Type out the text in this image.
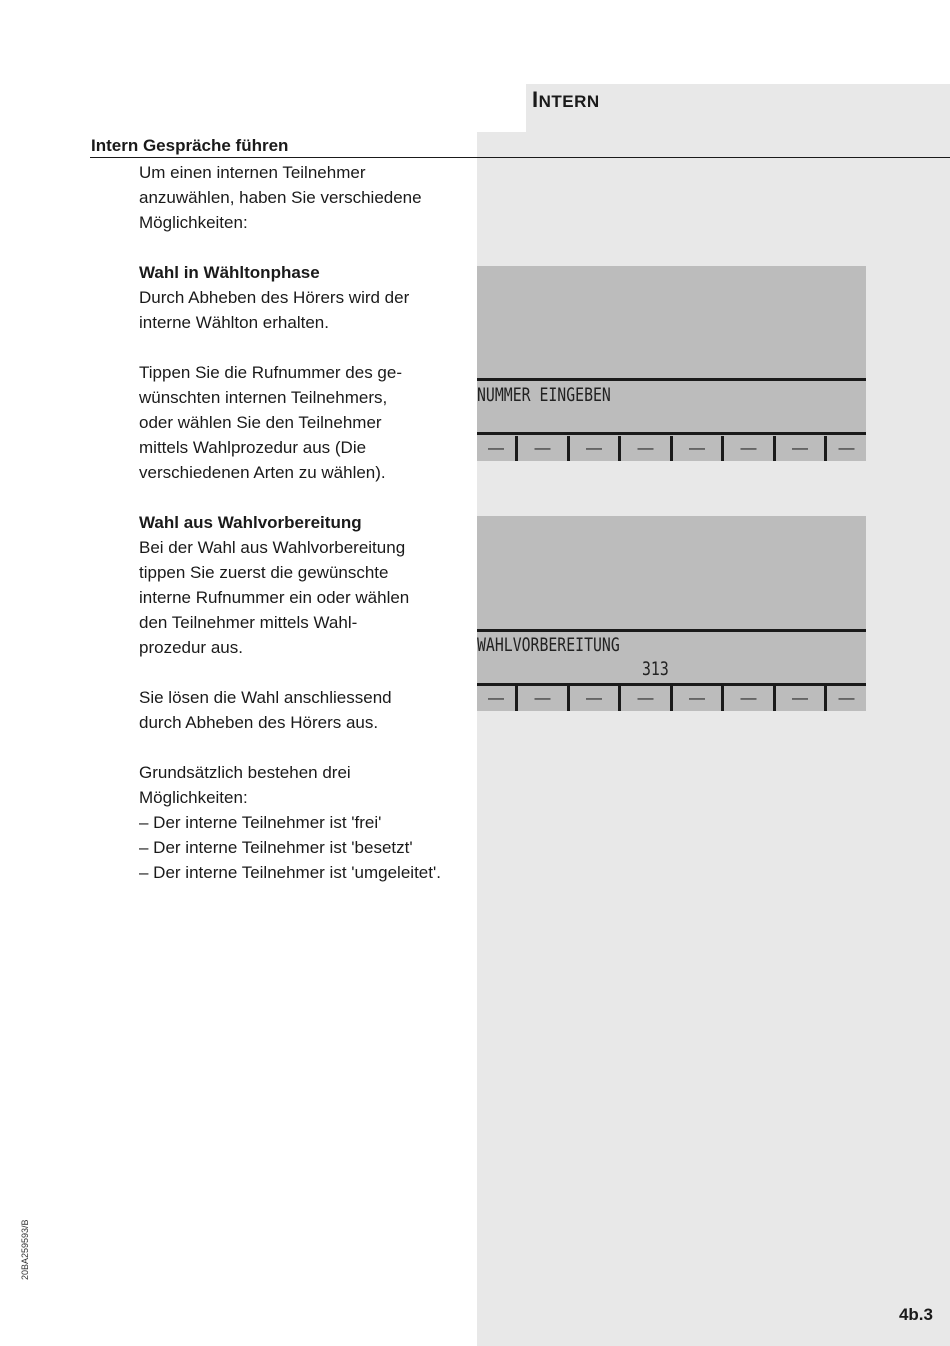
INTERN
Intern Gespräche führen

Um einen internen Teilnehmer

anzuwählen, haben Sie verschiedene

Möglichkeiten:

Wahl in Wähltonphase

Durch Abheben des Hörers wird der

interne Wählton erhalten.

Tippen Sie die Rufnummer des ge-

wünschten internen Teilnehmers,

oder wählen Sie den Teilnehmer

mittels Wahlprozedur aus (Die

verschiedenen Arten zu wählen).

Wahl aus Wahlvorbereitung

Bei der Wahl aus Wahlvorbereitung

tippen Sie zuerst die gewünschte

interne Rufnummer ein oder wählen

den Teilnehmer mittels Wahl-

prozedur aus.

Sie lösen die Wahl anschliessend

durch Abheben des Hörers aus.

Grundsätzlich bestehen drei

Möglichkeiten:

– Der interne Teilnehmer ist 'frei'

– Der interne Teilnehmer ist 'besetzt'

– Der interne Teilnehmer ist 'umgeleitet'.

NUMMER EINGEBEN
—	—	—	—	—	—	—	—
WAHLVORBEREITUNG
313
—	—	—	—	—	—	—	—
20BA259593/B
4b.3
